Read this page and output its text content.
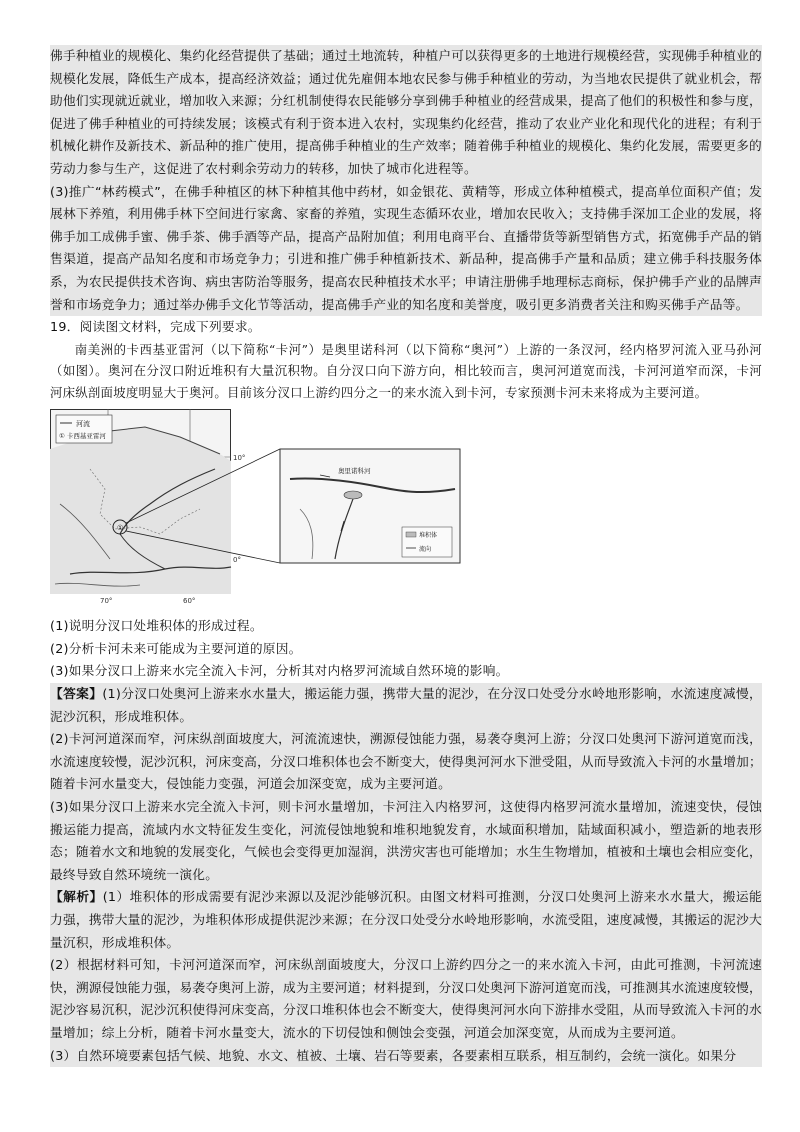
佛手种植业的规模化、集约化经营提供了基础；通过土地流转，种植户可以获得更多的土地进行规模经营，实现佛手种植业的规模化发展，降低生产成本，提高经济效益；通过优先雇佣本地农民参与佛手种植业的劳动，为当地农民提供了就业机会，帮助他们实现就近就业，增加收入来源；分红机制使得农民能够分享到佛手种植业的经营成果，提高了他们的积极性和参与度，促进了佛手种植业的可持续发展；该模式有利于资本进入农村，实现集约化经营，推动了农业产业化和现代化的进程；有利于机械化耕作及新技术、新品种的推广使用，提高佛手种植业的生产效率；随着佛手种植业的规模化、集约化发展，需要更多的劳动力参与生产，这促进了农村剩余劳动力的转移，加快了城市化进程等。

(3)推广“林药模式”，在佛手种植区的林下种植其他中药材，如金银花、黄精等，形成立体种植模式，提高单位面积产值；发展林下养殖，利用佛手林下空间进行家禽、家畜的养殖，实现生态循环农业，增加农民收入；支持佛手深加工企业的发展，将佛手加工成佛手蜜、佛手茶、佛手酒等产品，提高产品附加值；利用电商平台、直播带货等新型销售方式，拓宽佛手产品的销售渠道，提高产品知名度和市场竞争力；引进和推广佛手种植新技术、新品种，提高佛手产量和品质；建立佛手科技服务体系，为农民提供技术咨询、病虫害防治等服务，提高农民种植技术水平；申请注册佛手地理标志商标，保护佛手产业的品牌声誉和市场竞争力；通过举办佛手文化节等活动，提高佛手产业的知名度和美誉度，吸引更多消费者关注和购买佛手产品等。

19．阅读图文材料，完成下列要求。

南美洲的卡西基亚雷河（以下简称“卡河”）是奥里诺科河（以下简称“奥河”）上游的一条汊河，经内格罗河流入亚马孙河（如图）。奥河在分汊口附近堆积有大量沉积物。自分汊口向下游方向，相比较而言，奥河河道宽而浅，卡河河道窄而深，卡河河床纵剖面坡度明显大于奥河。目前该分汊口上游约四分之一的来水流入到卡河，专家预测卡河未来将成为主要河道。

①
河流
① 卡西基亚雷河
10°
0°
70°	60°
奥里诺科河
堆积体
流向

(1)说明分汊口处堆积体的形成过程。

(2)分析卡河未来可能成为主要河道的原因。

(3)如果分汊口上游来水完全流入卡河，分析其对内格罗河流域自然环境的影响。

【答案】(1)分汊口处奥河上游来水水量大，搬运能力强，携带大量的泥沙，在分汊口处受分水岭地形影响，水流速度减慢，泥沙沉积，形成堆积体。

(2)卡河河道深而窄，河床纵剖面坡度大，河流流速快，溯源侵蚀能力强，易袭夺奥河上游；分汊口处奥河下游河道宽而浅，水流速度较慢，泥沙沉积，河床变高，分汊口堆积体也会不断变大，使得奥河河水下泄受阻，从而导致流入卡河的水量增加；随着卡河水量变大，侵蚀能力变强，河道会加深变宽，成为主要河道。

(3)如果分汊口上游来水完全流入卡河，则卡河水量增加，卡河注入内格罗河，这使得内格罗河流水量增加，流速变快，侵蚀搬运能力提高，流域内水文特征发生变化，河流侵蚀地貌和堆积地貌发育，水域面积增加，陆域面积减小，塑造新的地表形态；随着水文和地貌的发展变化，气候也会变得更加湿润，洪涝灾害也可能增加；水生生物增加，植被和土壤也会相应变化，最终导致自然环境统一演化。

【解析】(1）堆积体的形成需要有泥沙来源以及泥沙能够沉积。由图文材料可推测，分汊口处奥河上游来水水量大，搬运能力强，携带大量的泥沙，为堆积体形成提供泥沙来源；在分汊口处受分水岭地形影响，水流受阻，速度减慢，其搬运的泥沙大量沉积，形成堆积体。

(2）根据材料可知，卡河河道深而窄，河床纵剖面坡度大，分汊口上游约四分之一的来水流入卡河，由此可推测，卡河流速快，溯源侵蚀能力强，易袭夺奥河上游，成为主要河道；材料提到，分汊口处奥河下游河道宽而浅，可推测其水流速度较慢，泥沙容易沉积，泥沙沉积使得河床变高，分汊口堆积体也会不断变大，使得奥河河水向下游排水受阻，从而导致流入卡河的水量增加；综上分析，随着卡河水量变大，流水的下切侵蚀和侧蚀会变强，河道会加深变宽，从而成为主要河道。

(3）自然环境要素包括气候、地貌、水文、植被、土壤、岩石等要素，各要素相互联系，相互制约，会统一演化。如果分
